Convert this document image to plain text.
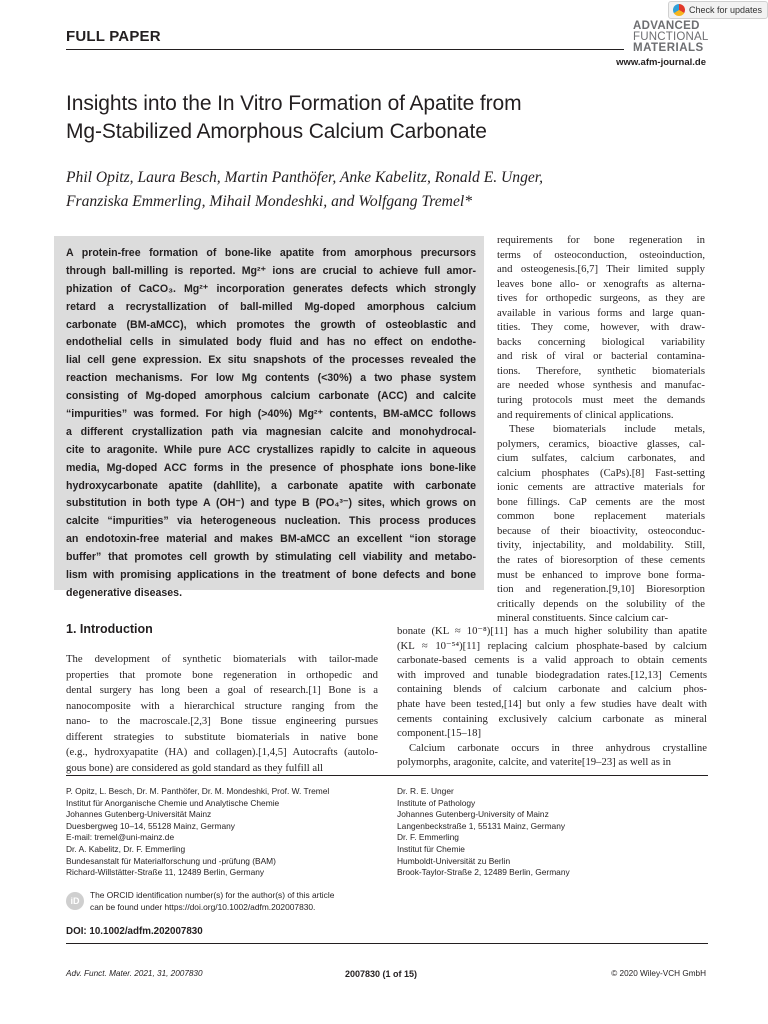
Check for updates
FULL PAPER
ADVANCED
FUNCTIONAL
MATERIALS
www.afm-journal.de
Insights into the In Vitro Formation of Apatite from
Mg-Stabilized Amorphous Calcium Carbonate
Phil Opitz, Laura Besch, Martin Panthöfer, Anke Kabelitz, Ronald E. Unger,
Franziska Emmerling, Mihail Mondeshki, and Wolfgang Tremel*
A protein-free formation of bone-like apatite from amorphous precursors
through ball-milling is reported. Mg²⁺ ions are crucial to achieve full amor-
phization of CaCO₃. Mg²⁺ incorporation generates defects which strongly
retard a recrystallization of ball-milled Mg-doped amorphous calcium
carbonate (BM-aMCC), which promotes the growth of osteoblastic and
endothelial cells in simulated body fluid and has no effect on endothe-
lial cell gene expression. Ex situ snapshots of the processes revealed the
reaction mechanisms. For low Mg contents (<30%) a two phase system
consisting of Mg-doped amorphous calcium carbonate (ACC) and calcite
“impurities” was formed. For high (>40%) Mg²⁺ contents, BM-aMCC follows
a different crystallization path via magnesian calcite and monohydrocal-
cite to aragonite. While pure ACC crystallizes rapidly to calcite in aqueous
media, Mg-doped ACC forms in the presence of phosphate ions bone-like
hydroxycarbonate apatite (dahllite), a carbonate apatite with carbonate
substitution in both type A (OH⁻) and type B (PO₄³⁻) sites, which grows on
calcite “impurities” via heterogeneous nucleation. This process produces
an endotoxin-free material and makes BM-aMCC an excellent “ion storage
buffer” that promotes cell growth by stimulating cell viability and metabo-
lism with promising applications in the treatment of bone defects and bone
degenerative diseases.
1. Introduction
The development of synthetic biomaterials with tailor-made
properties that promote bone regeneration in orthopedic and
dental surgery has long been a goal of research.[1] Bone is a
nanocomposite with a hierarchical structure ranging from the
nano- to the macroscale.[2,3] Bone tissue engineering pursues
different strategies to substitute biomaterials in native bone
(e.g., hydroxyapatite (HA) and collagen).[1,4,5] Autocrafts (autolo-
gous bone) are considered as gold standard as they fulfill all
requirements for bone regeneration in
terms of osteoconduction, osteoinduction,
and osteogenesis.[6,7] Their limited supply
leaves bone allo- or xenografts as alterna-
tives for orthopedic surgeons, as they are
available in various forms and large quan-
tities. They come, however, with draw-
backs concerning biological variability
and risk of viral or bacterial contamina-
tions. Therefore, synthetic biomaterials
are needed whose synthesis and manufac-
turing protocols must meet the demands
and requirements of clinical applications.
These biomaterials include metals,
polymers, ceramics, bioactive glasses, cal-
cium sulfates, calcium carbonates, and
calcium phosphates (CaPs).[8] Fast-setting
ionic cements are attractive materials for
bone fillings. CaP cements are the most
common bone replacement materials
because of their bioactivity, osteoconduc-
tivity, injectability, and moldability. Still,
the rates of bioresorption of these cements
must be enhanced to improve bone forma-
tion and regeneration.[9,10] Bioresorption
critically depends on the solubility of the
mineral constituents. Since calcium car-
bonate (KL ≈ 10⁻⁸)[11] has a much higher solubility than apatite
(KL ≈ 10⁻⁵⁴)[11] replacing calcium phosphate-based by calcium
carbonate-based cements is a valid approach to obtain cements
with improved and tunable biodegradation rates.[12,13] Cements
containing blends of calcium carbonate and calcium phos-
phate have been tested,[14] but only a few studies have dealt with
cements containing exclusively calcium carbonate as mineral
component.[15–18]
Calcium carbonate occurs in three anhydrous crystalline
polymorphs, aragonite, calcite, and vaterite[19–23] as well as in
P. Opitz, L. Besch, Dr. M. Panthöfer, Dr. M. Mondeshki, Prof. W. Tremel
Institut für Anorganische Chemie und Analytische Chemie
Johannes Gutenberg-Universität Mainz
Duesbergweg 10–14, 55128 Mainz, Germany
E-mail: tremel@uni-mainz.de
Dr. A. Kabelitz, Dr. F. Emmerling
Bundesanstalt für Materialforschung und -prüfung (BAM)
Richard-Willstätter-Straße 11, 12489 Berlin, Germany
Dr. R. E. Unger
Institute of Pathology
Johannes Gutenberg-University of Mainz
Langenbeckstraße 1, 55131 Mainz, Germany
Dr. F. Emmerling
Institut für Chemie
Humboldt-Universität zu Berlin
Brook-Taylor-Straße 2, 12489 Berlin, Germany
iD
The ORCID identification number(s) for the author(s) of this article
can be found under https://doi.org/10.1002/adfm.202007830.
DOI: 10.1002/adfm.202007830
Adv. Funct. Mater. 2021, 31, 2007830	2007830 (1 of 15)	© 2020 Wiley-VCH GmbH
